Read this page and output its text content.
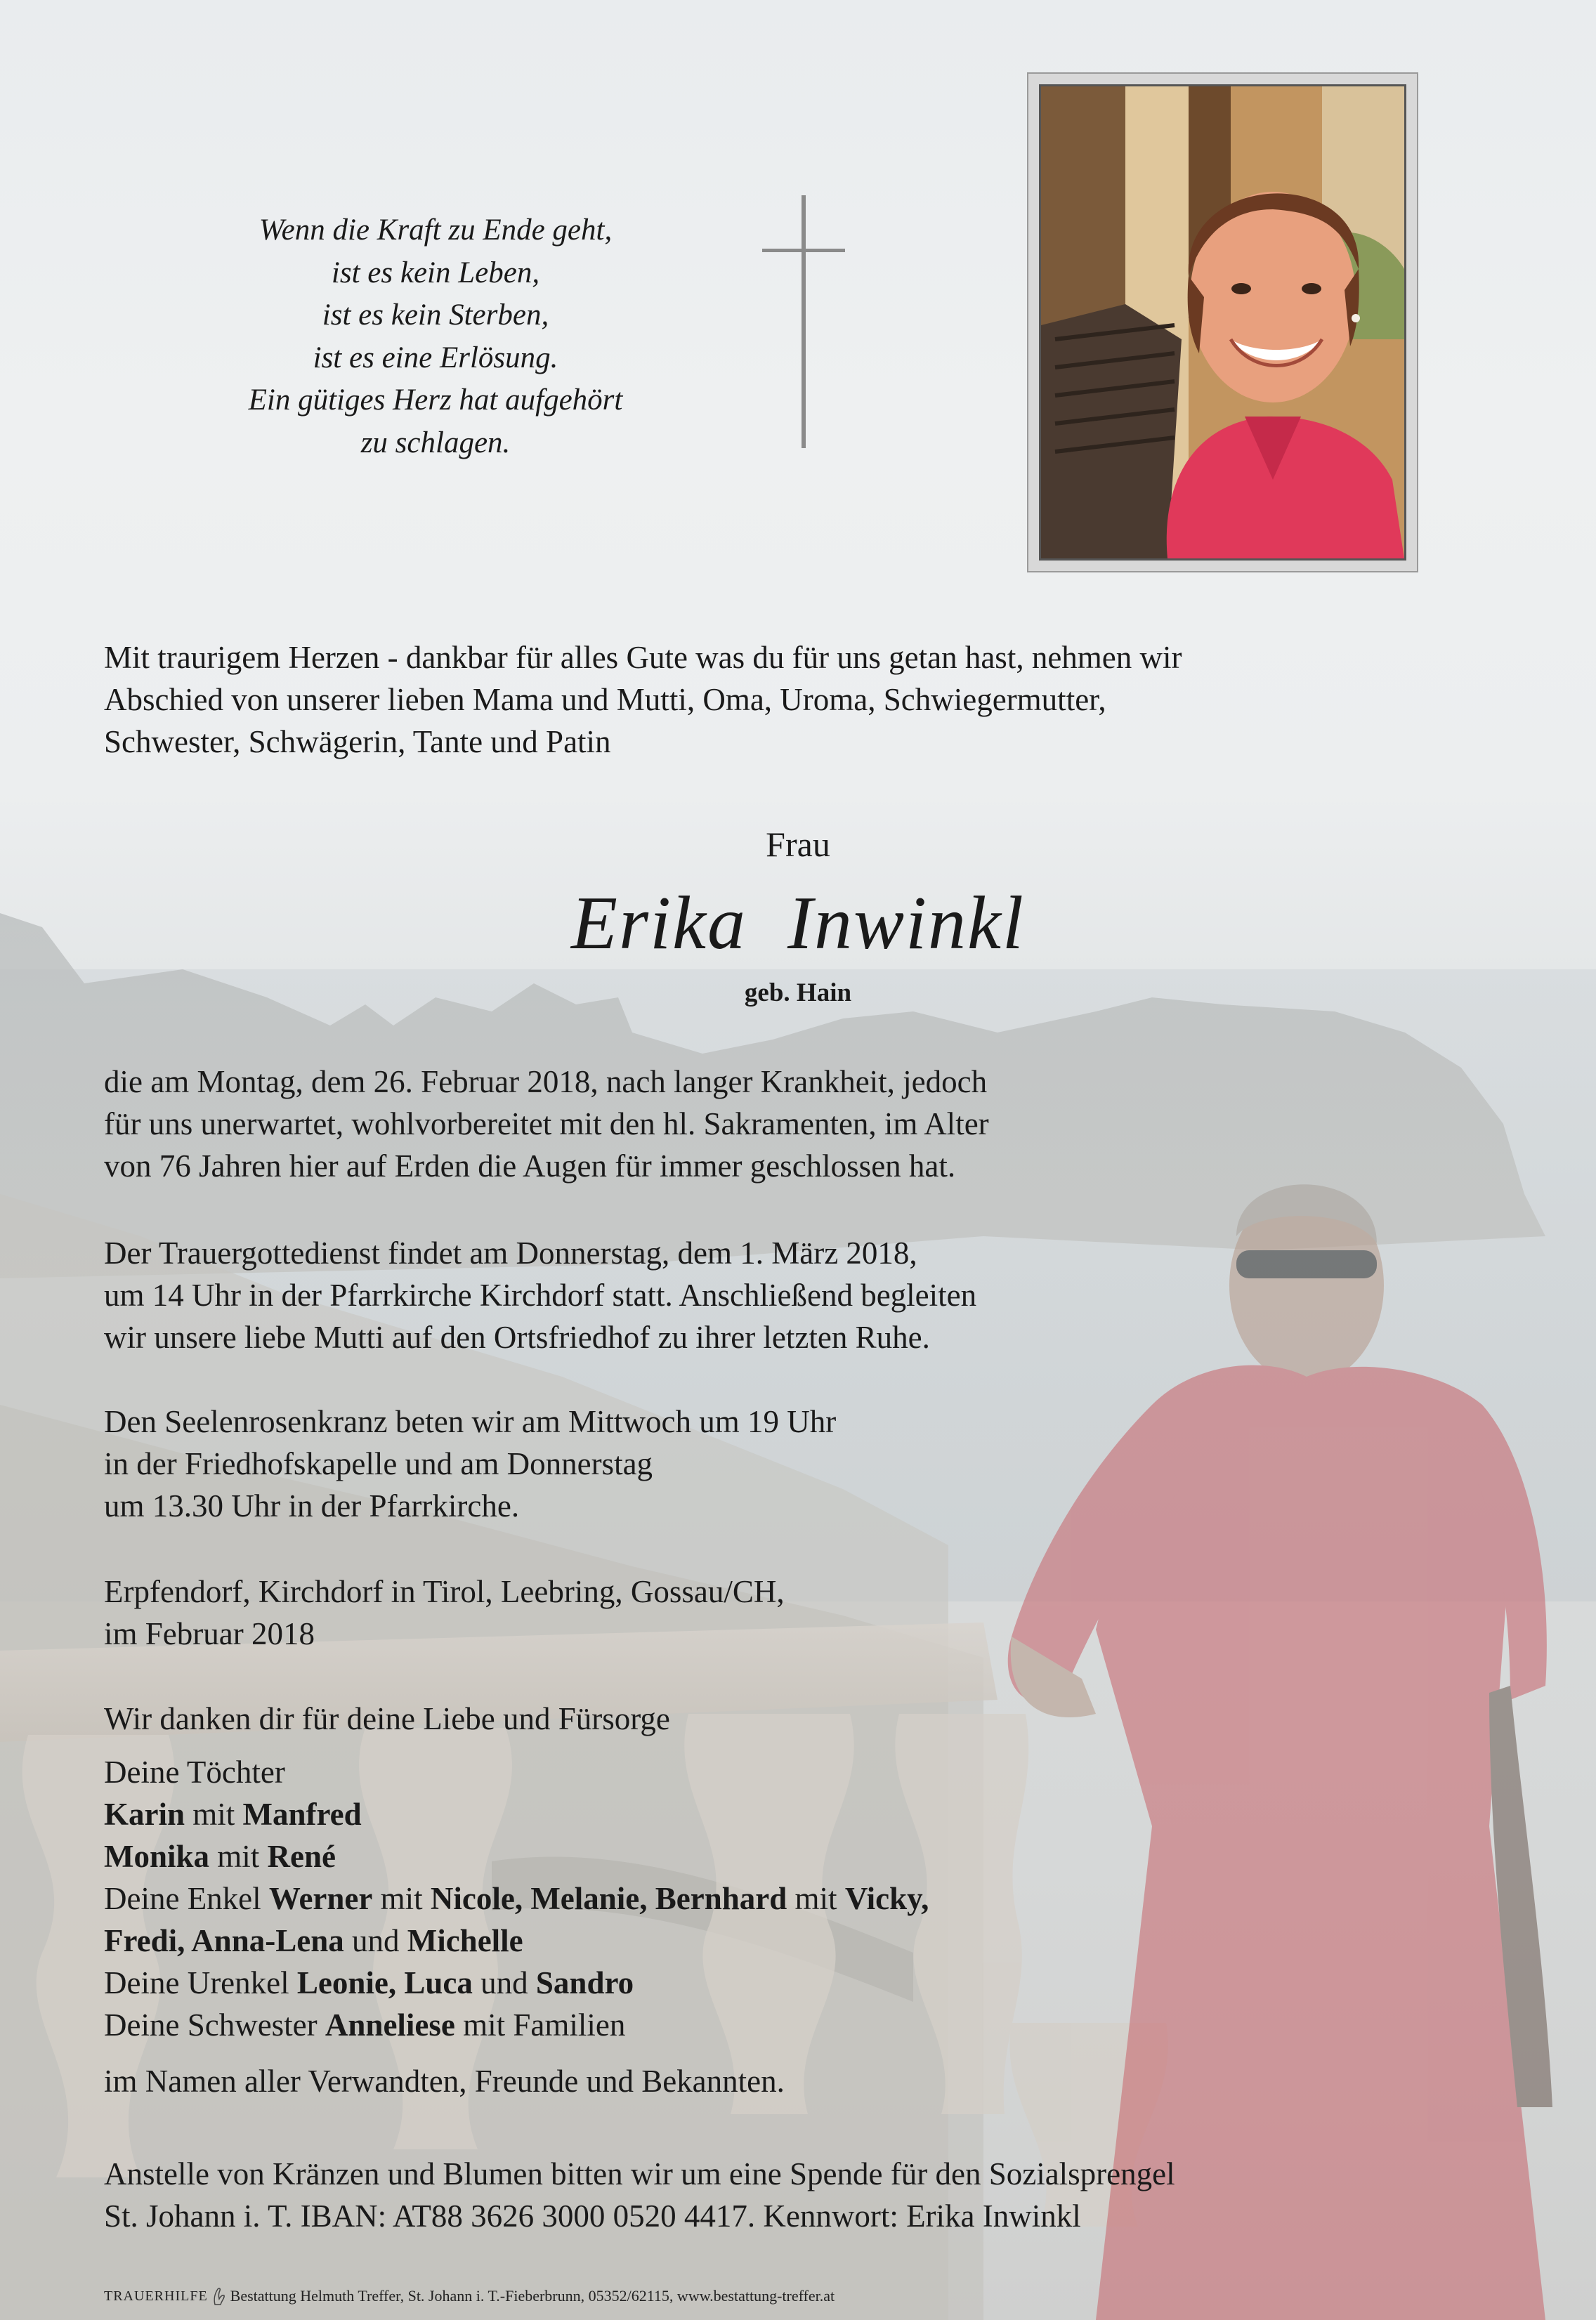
Wenn die Kraft zu Ende geht,
ist es kein Leben,
ist es kein Sterben,
ist es eine Erlösung.
Ein gütiges Herz hat aufgehört
zu schlagen.
Mit traurigem Herzen - dankbar für alles Gute was du für uns getan hast, nehmen wir
Abschied von unserer lieben Mama und Mutti, Oma, Uroma, Schwiegermutter,
Schwester, Schwägerin, Tante und Patin
Frau
Erika  Inwinkl
geb. Hain
die am Montag, dem 26. Februar 2018, nach langer Krankheit, jedoch
für uns unerwartet, wohlvorbereitet mit den hl. Sakramenten, im Alter
von 76 Jahren hier auf Erden die Augen für immer geschlossen hat.
Der Trauergottedienst findet am Donnerstag, dem 1. März 2018,
um 14 Uhr in der Pfarrkirche Kirchdorf statt. Anschließend begleiten
wir unsere liebe Mutti auf den Ortsfriedhof zu ihrer letzten Ruhe.
Den Seelenrosenkranz beten wir am Mittwoch um 19 Uhr
in der Friedhofskapelle und am Donnerstag
um 13.30 Uhr in der Pfarrkirche.
Erpfendorf, Kirchdorf in Tirol, Leebring, Gossau/CH,
im Februar 2018
Wir danken dir für deine Liebe und Fürsorge
Deine Töchter
Karin mit Manfred
Monika mit René
Deine Enkel Werner mit Nicole, Melanie, Bernhard mit Vicky,
Fredi, Anna-Lena und Michelle
Deine Urenkel Leonie, Luca und Sandro
Deine Schwester Anneliese mit Familien
im Namen aller Verwandten, Freunde und Bekannten.
Anstelle von Kränzen und Blumen bitten wir um eine Spende für den Sozialsprengel
St. Johann i. T. IBAN: AT88 3626 3000 0520 4417. Kennwort: Erika Inwinkl
TRAUERHILFE Bestattung Helmuth Treffer, St. Johann i. T.-Fieberbrunn, 05352/62115, www.bestattung-treffer.at
